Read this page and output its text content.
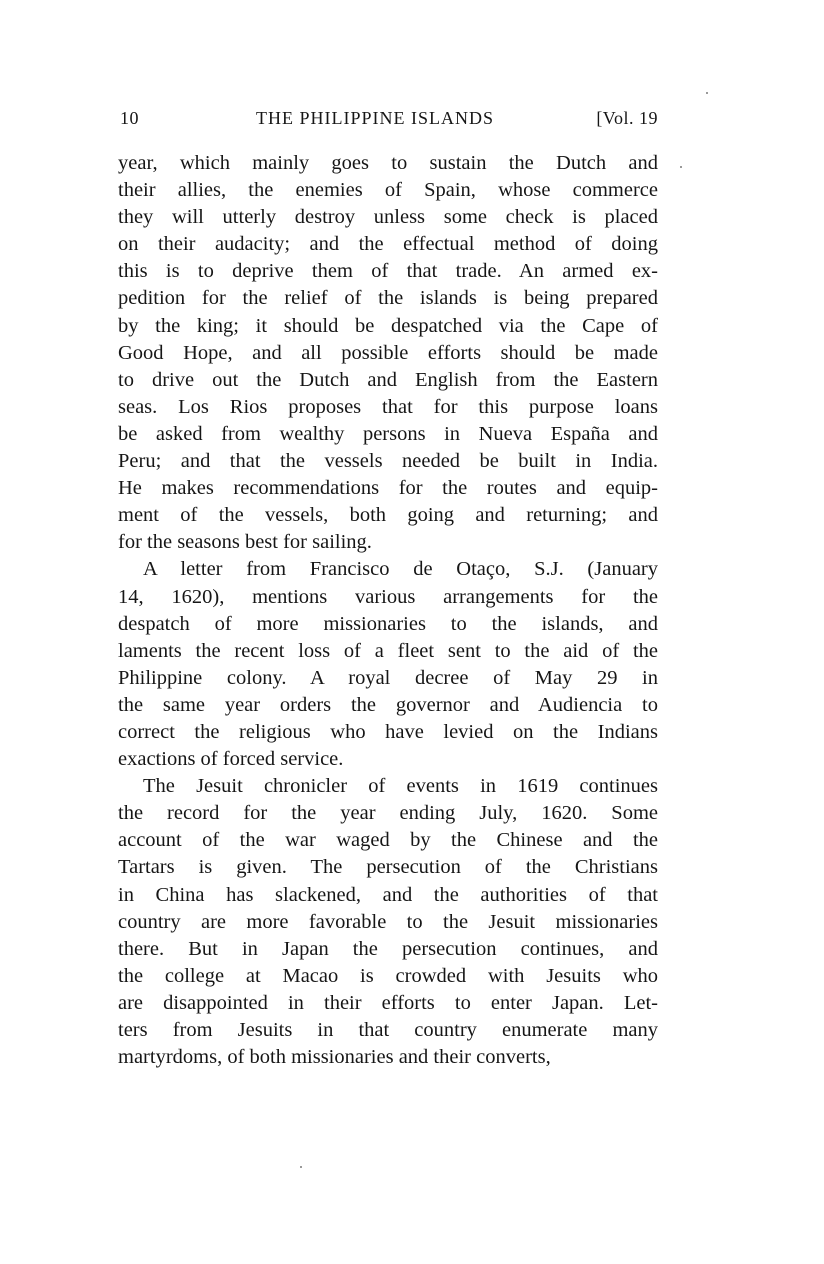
10	THE PHILIPPINE ISLANDS	[Vol. 19
year, which mainly goes to sustain the Dutch and
their allies, the enemies of Spain, whose commerce
they will utterly destroy unless some check is placed
on their audacity; and the effectual method of doing
this is to deprive them of that trade. An armed ex-
pedition for the relief of the islands is being prepared
by the king; it should be despatched via the Cape of
Good Hope, and all possible efforts should be made
to drive out the Dutch and English from the Eastern
seas. Los Rios proposes that for this purpose loans
be asked from wealthy persons in Nueva España and
Peru; and that the vessels needed be built in India.
He makes recommendations for the routes and equip-
ment of the vessels, both going and returning; and
for the seasons best for sailing.
A letter from Francisco de Otaço, S.J. (January
14, 1620), mentions various arrangements for the
despatch of more missionaries to the islands, and
laments the recent loss of a fleet sent to the aid of the
Philippine colony. A royal decree of May 29 in
the same year orders the governor and Audiencia to
correct the religious who have levied on the Indians
exactions of forced service.
The Jesuit chronicler of events in 1619 continues
the record for the year ending July, 1620. Some
account of the war waged by the Chinese and the
Tartars is given. The persecution of the Christians
in China has slackened, and the authorities of that
country are more favorable to the Jesuit missionaries
there. But in Japan the persecution continues, and
the college at Macao is crowded with Jesuits who
are disappointed in their efforts to enter Japan. Let-
ters from Jesuits in that country enumerate many
martyrdoms, of both missionaries and their converts,
